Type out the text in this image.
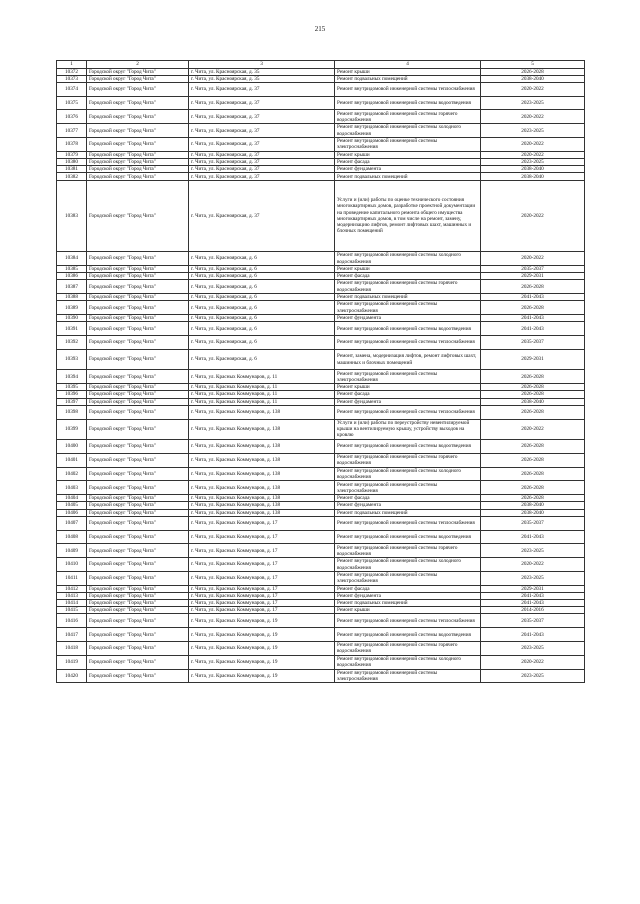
215
1	2	3	4	5
10372	Городской округ "Город Чита"	г. Чита, ул. Красноярская, д. 35	Ремонт крыши	2026-2028
10373	Городской округ "Город Чита"	г. Чита, ул. Красноярская, д. 35	Ремонт подвальных помещений	2038-2040
10374	Городской округ "Город Чита"	г. Чита, ул. Красноярская, д. 37	Ремонт внутридомовой инженерной системы теплоснабжения	2020-2022
10375	Городской округ "Город Чита"	г. Чита, ул. Красноярская, д. 37	Ремонт внутридомовой инженерной системы водоотведения	2023-2025
10376	Городской округ "Город Чита"	г. Чита, ул. Красноярская, д. 37	Ремонт внутридомовой инженерной системы горячего водоснабжения	2020-2022
10377	Городской округ "Город Чита"	г. Чита, ул. Красноярская, д. 37	Ремонт внутридомовой инженерной системы холодного водоснабжения	2023-2025
10378	Городской округ "Город Чита"	г. Чита, ул. Красноярская, д. 37	Ремонт внутридомовой инженерной системы электроснабжения	2020-2022
10379	Городской округ "Город Чита"	г. Чита, ул. Красноярская, д. 37	Ремонт крыши	2020-2022
10380	Городской округ "Город Чита"	г. Чита, ул. Красноярская, д. 37	Ремонт фасада	2023-2025
10381	Городской округ "Город Чита"	г. Чита, ул. Красноярская, д. 37	Ремонт фундамента	2038-2040
10382	Городской округ "Город Чита"	г. Чита, ул. Красноярская, д. 37	Ремонт подвальных помещений	2038-2040
10383	Городской округ "Город Чита"	г. Чита, ул. Красноярская, д. 37	Услуги и (или) работы по оценке технического состояния многоквартирных домов, разработке проектной документации на проведение капитального ремонта общего имущества многоквартирных домов, в том числе на ремонт, замену, модернизацию лифтов, ремонт лифтовых шахт, машинных и блочных помещений	2020-2022
10384	Городской округ "Город Чита"	г. Чита, ул. Красноярская, д. 6	Ремонт внутридомовой инженерной системы холодного водоснабжения	2020-2022
10385	Городской округ "Город Чита"	г. Чита, ул. Красноярская, д. 6	Ремонт крыши	2035-2037
10386	Городской округ "Город Чита"	г. Чита, ул. Красноярская, д. 6	Ремонт фасада	2029-2031
10387	Городской округ "Город Чита"	г. Чита, ул. Красноярская, д. 6	Ремонт внутридомовой инженерной системы горячего водоснабжения	2026-2028
10388	Городской округ "Город Чита"	г. Чита, ул. Красноярская, д. 6	Ремонт подвальных помещений	2041-2043
10389	Городской округ "Город Чита"	г. Чита, ул. Красноярская, д. 6	Ремонт внутридомовой инженерной системы электроснабжения	2026-2028
10390	Городской округ "Город Чита"	г. Чита, ул. Красноярская, д. 6	Ремонт фундамента	2041-2043
10391	Городской округ "Город Чита"	г. Чита, ул. Красноярская, д. 6	Ремонт внутридомовой инженерной системы водоотведения	2041-2043
10392	Городской округ "Город Чита"	г. Чита, ул. Красноярская, д. 6	Ремонт внутридомовой инженерной системы теплоснабжения	2035-2037
10393	Городской округ "Город Чита"	г. Чита, ул. Красноярская, д. 6	Ремонт, замена, модернизация лифтов, ремонт лифтовых шахт, машинных и блочных помещений	2029-2031
10394	Городской округ "Город Чита"	г. Чита, ул. Красных Коммунаров, д. 11	Ремонт внутридомовой инженерной системы электроснабжения	2026-2028
10395	Городской округ "Город Чита"	г. Чита, ул. Красных Коммунаров, д. 11	Ремонт крыши	2026-2028
10396	Городской округ "Город Чита"	г. Чита, ул. Красных Коммунаров, д. 11	Ремонт фасада	2026-2028
10397	Городской округ "Город Чита"	г. Чита, ул. Красных Коммунаров, д. 11	Ремонт фундамента	2038-2040
10398	Городской округ "Город Чита"	г. Чита, ул. Красных Коммунаров, д. 138	Ремонт внутридомовой инженерной системы теплоснабжения	2026-2028
10399	Городской округ "Город Чита"	г. Чита, ул. Красных Коммунаров, д. 138	Услуги и (или) работы по переустройству невентилируемой крыши на вентилируемую крышу, устройству выходов на кровлю	2020-2022
10400	Городской округ "Город Чита"	г. Чита, ул. Красных Коммунаров, д. 138	Ремонт внутридомовой инженерной системы водоотведения	2026-2028
10401	Городской округ "Город Чита"	г. Чита, ул. Красных Коммунаров, д. 138	Ремонт внутридомовой инженерной системы горячего водоснабжения	2026-2028
10402	Городской округ "Город Чита"	г. Чита, ул. Красных Коммунаров, д. 138	Ремонт внутридомовой инженерной системы холодного водоснабжения	2026-2028
10403	Городской округ "Город Чита"	г. Чита, ул. Красных Коммунаров, д. 138	Ремонт внутридомовой инженерной системы электроснабжения	2026-2028
10404	Городской округ "Город Чита"	г. Чита, ул. Красных Коммунаров, д. 138	Ремонт фасада	2026-2028
10405	Городской округ "Город Чита"	г. Чита, ул. Красных Коммунаров, д. 138	Ремонт фундамента	2038-2040
10406	Городской округ "Город Чита"	г. Чита, ул. Красных Коммунаров, д. 138	Ремонт подвальных помещений	2038-2040
10407	Городской округ "Город Чита"	г. Чита, ул. Красных Коммунаров, д. 17	Ремонт внутридомовой инженерной системы теплоснабжения	2035-2037
10408	Городской округ "Город Чита"	г. Чита, ул. Красных Коммунаров, д. 17	Ремонт внутридомовой инженерной системы водоотведения	2041-2043
10409	Городской округ "Город Чита"	г. Чита, ул. Красных Коммунаров, д. 17	Ремонт внутридомовой инженерной системы горячего водоснабжения	2023-2025
10410	Городской округ "Город Чита"	г. Чита, ул. Красных Коммунаров, д. 17	Ремонт внутридомовой инженерной системы холодного водоснабжения	2020-2022
10411	Городской округ "Город Чита"	г. Чита, ул. Красных Коммунаров, д. 17	Ремонт внутридомовой инженерной системы электроснабжения	2023-2025
10412	Городской округ "Город Чита"	г. Чита, ул. Красных Коммунаров, д. 17	Ремонт фасада	2029-2031
10413	Городской округ "Город Чита"	г. Чита, ул. Красных Коммунаров, д. 17	Ремонт фундамента	2041-2043
10414	Городской округ "Город Чита"	г. Чита, ул. Красных Коммунаров, д. 17	Ремонт подвальных помещений	2041-2043
10415	Городской округ "Город Чита"	г. Чита, ул. Красных Коммунаров, д. 17	Ремонт крыши	2014-2016
10416	Городской округ "Город Чита"	г. Чита, ул. Красных Коммунаров, д. 19	Ремонт внутридомовой инженерной системы теплоснабжения	2035-2037
10417	Городской округ "Город Чита"	г. Чита, ул. Красных Коммунаров, д. 19	Ремонт внутридомовой инженерной системы водоотведения	2041-2043
10418	Городской округ "Город Чита"	г. Чита, ул. Красных Коммунаров, д. 19	Ремонт внутридомовой инженерной системы горячего водоснабжения	2023-2025
10419	Городской округ "Город Чита"	г. Чита, ул. Красных Коммунаров, д. 19	Ремонт внутридомовой инженерной системы холодного водоснабжения	2020-2022
10420	Городской округ "Город Чита"	г. Чита, ул. Красных Коммунаров, д. 19	Ремонт внутридомовой инженерной системы электроснабжения	2023-2025
